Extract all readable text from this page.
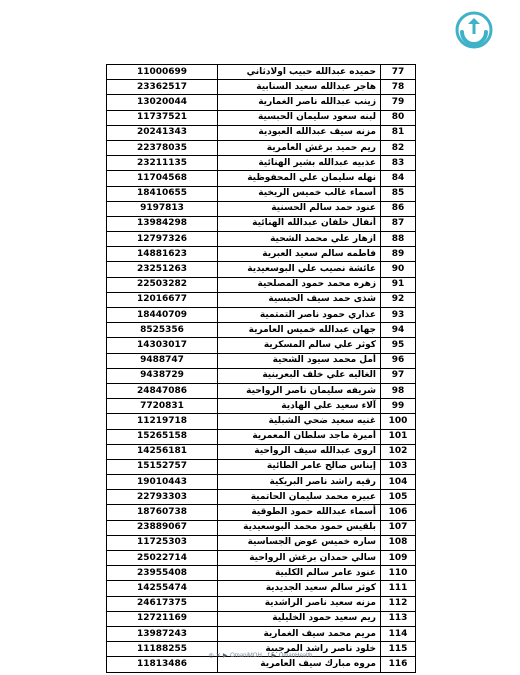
77	حميده عبدالله حبيب اولادثاني	11000699
78	هاجر عبدالله سعيد السنابية	23362517
79	زينب عبدالله ناصر الغمارية	13020044
80	لبنه سعود سليمان الحبسية	11737521
81	مزنه سيف عبدالله العبودية	20241343
82	ريم حميد برغش العامرية	22378035
83	عذبيه عبدالله بشير الهنائية	23211135
84	نهله سليمان علي المحفوظية	11704568
85	أسماء غالب خميس الريخية	18410655
86	عنود حمد سالم الحسنية	9197813
87	أنفال خلفان عبدالله الهنائية	13984298
88	ازهار علي محمد الشحية	12797326
89	فاطمه سالم سعيد العبرية	14881623
90	عائشة نصيب علي البوسعيدية	23251263
91	زهره محمد حمود المصلحية	22503282
92	شذى حمد سيف الحبسية	12016677
93	عذاري حمود ناصر التمتمية	18440709
94	جهان عبدالله خميس العامرية	8525356
95	كوثر علي سالم المسكرية	14303017
96	أمل محمد سيود الشحية	9488747
97	الغاليه علي خلف البعرينية	9438729
98	شريفه سليمان ناصر الرواحية	24847086
99	آلاء سعيد علي الهادية	7720831
100	غنيه سعيد ضحي الشبلية	11219718
101	أميرة ماجد سلطان المعمرية	15265158
102	اروى عبدالله سيف الرواحية	14256181
103	إيناس صالح عامر الطائية	15152757
104	رقيه راشد ناصر البريكية	19010443
105	عبيره محمد سليمان الحاتمية	22793303
106	أسماء عبدالله حمود الطوقية	18760738
107	بلقيس حمود محمد البوسعيدية	23889067
108	ساره خميس عوض الجساسية	11725303
109	سالي حمدان برغش الرواحية	25022714
110	عنود عامر سالم الكلبية	23955408
111	كوثر سالم سعيد الجديدية	14255474
112	مزنه سعيد ناصر الراشدية	24617375
113	ريم سعيد حمود الخليلية	12721169
114	مريم محمد سيف الغمارية	13987243
115	خلود ناصر راشد المرجبية	11188255
116	مروه مبارك سيف العامرية	11813486
◎ ✕ ▶ OmaniMOH f ▶ OmanHealth
